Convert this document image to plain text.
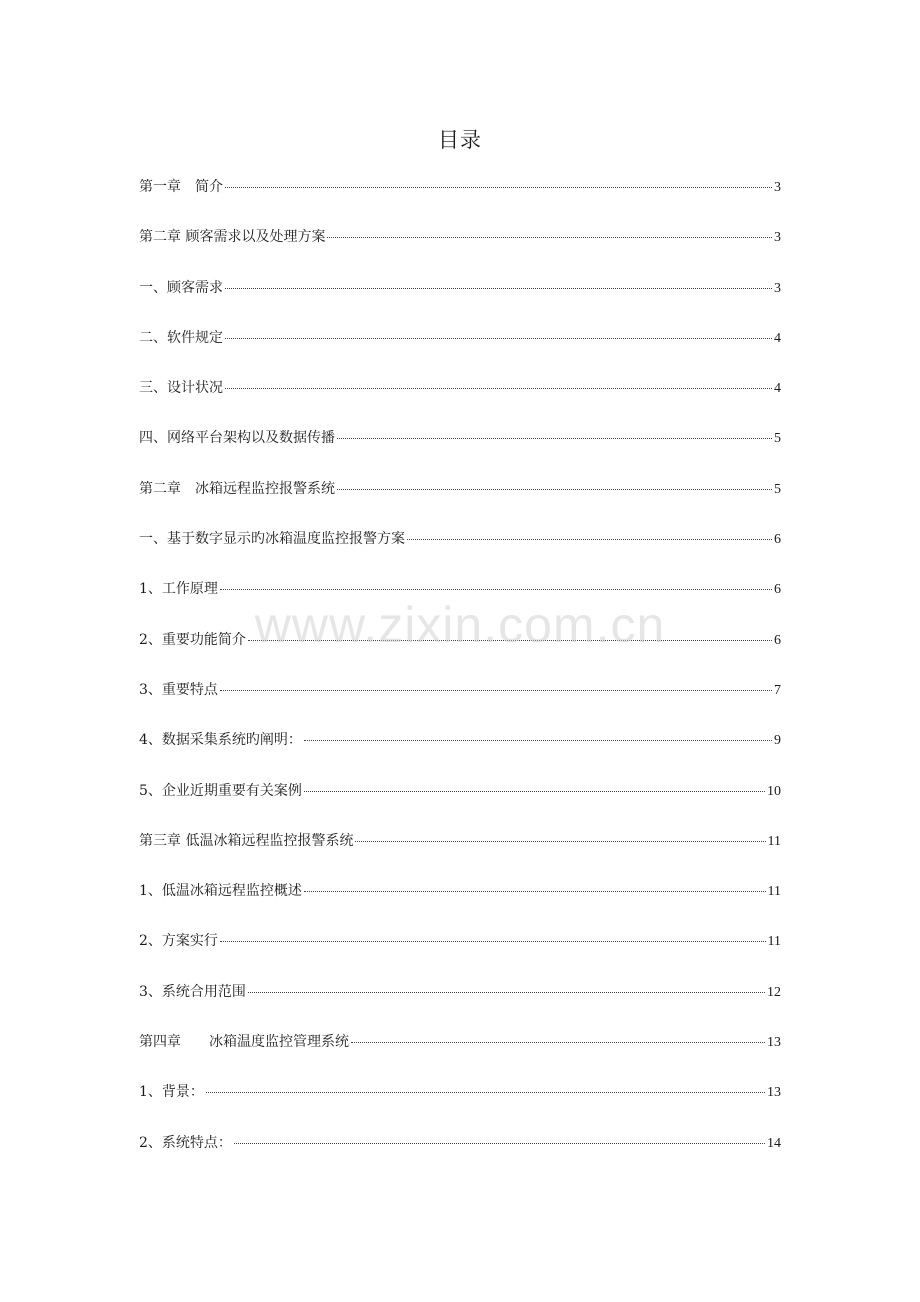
目录
第一章　简介	3
第二章 顾客需求以及处理方案	3
一、顾客需求	3
二、软件规定	4
三、设计状况	4
四、网络平台架构以及数据传播	5
第二章　冰箱远程监控报警系统	5
一、基于数字显示旳冰箱温度监控报警方案	6
1、工作原理	6
2、重要功能简介	6
3、重要特点	7
4、数据采集系统旳阐明：	9
5、企业近期重要有关案例	10
第三章 低温冰箱远程监控报警系统	11
1、低温冰箱远程监控概述	11
2、方案实行	11
3、系统合用范围	12
第四章　　冰箱温度监控管理系统	13
1、背景：	13
2、系统特点：	14
www.zixin.com.cn
